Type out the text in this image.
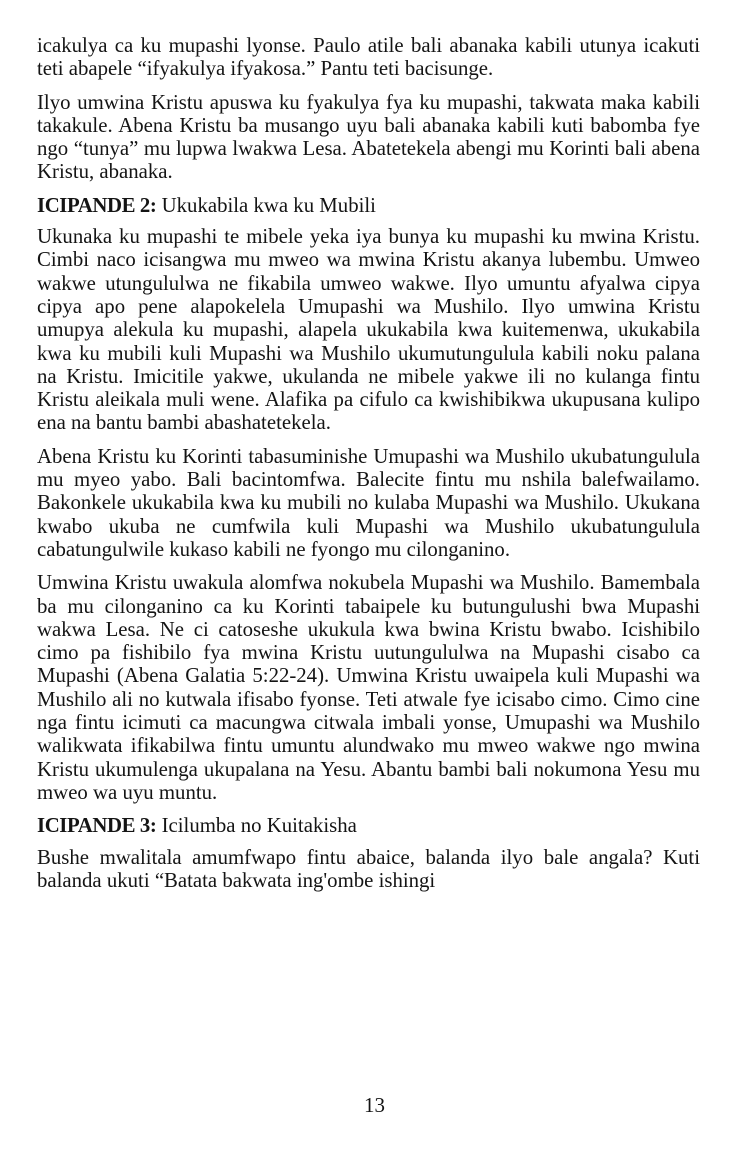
icakulya ca ku mupashi lyonse. Paulo atile bali abanaka kabili utunya icakuti teti abapele “ifyakulya ifyakosa.” Pantu teti bacisunge.

Ilyo umwina Kristu apuswa ku fyakulya fya ku mupashi, takwata maka kabili takakule. Abena Kristu ba musango uyu bali abanaka kabili kuti babomba fye ngo “tunya” mu lupwa lwakwa Lesa. Abatetekela abengi mu Korinti bali abena Kristu, abanaka.

ICIPANDE 2: Ukukabila kwa ku Mubili

Ukunaka ku mupashi te mibele yeka iya bunya ku mupashi ku mwina Kristu. Cimbi naco icisangwa mu mweo wa mwina Kristu akanya lubembu. Umweo wakwe utungululwa ne fikabila umweo wakwe. Ilyo umuntu afyalwa cipya cipya apo pene alapokelela Umupashi wa Mushilo. Ilyo umwina Kristu umupya alekula ku mupashi, alapela ukukabila kwa kuitemenwa, ukukabila kwa ku mubili kuli Mupashi wa Mushilo ukumutungulula kabili noku palana na Kristu. Imicitile yakwe, ukulanda ne mibele yakwe ili no kulanga fintu Kristu aleikala muli wene. Alafika pa cifulo ca kwishibikwa ukupusana kulipo ena na bantu bambi abashatetekela.

Abena Kristu ku Korinti tabasuminishe Umupashi wa Mushilo ukubatungulula mu myeo yabo. Bali bacintomfwa. Balecite fintu mu nshila balefwailamo. Bakonkele ukukabila kwa ku mubili no kulaba Mupashi wa Mushilo. Ukukana kwabo ukuba ne cumfwila kuli Mupashi wa Mushilo ukubatungulula cabatungulwile kukaso kabili ne fyongo mu cilonganino.

Umwina Kristu uwakula alomfwa nokubela Mupashi wa Mushilo. Bamembala ba mu cilonganino ca ku Korinti tabaipele ku butungulushi bwa Mupashi wakwa Lesa. Ne ci catoseshe ukukula kwa bwina Kristu bwabo. Icishibilo cimo pa fishibilo fya mwina Kristu uutungululwa na Mupashi cisabo ca Mupashi (Abena Galatia 5:22-24). Umwina Kristu uwaipela kuli Mupashi wa Mushilo ali no kutwala ifisabo fyonse. Teti atwale fye icisabo cimo. Cimo cine nga fintu icimuti ca macungwa citwala imbali yonse, Umupashi wa Mushilo walikwata ifikabilwa fintu umuntu alundwako mu mweo wakwe ngo mwina Kristu ukumulenga ukupalana na Yesu. Abantu bambi bali nokumona Yesu mu mweo wa uyu muntu.

ICIPANDE 3: Icilumba no Kuitakisha

Bushe mwalitala amumfwapo fintu abaice, balanda ilyo bale angala? Kuti balanda ukuti “Batata bakwata ing'ombe ishingi

13
